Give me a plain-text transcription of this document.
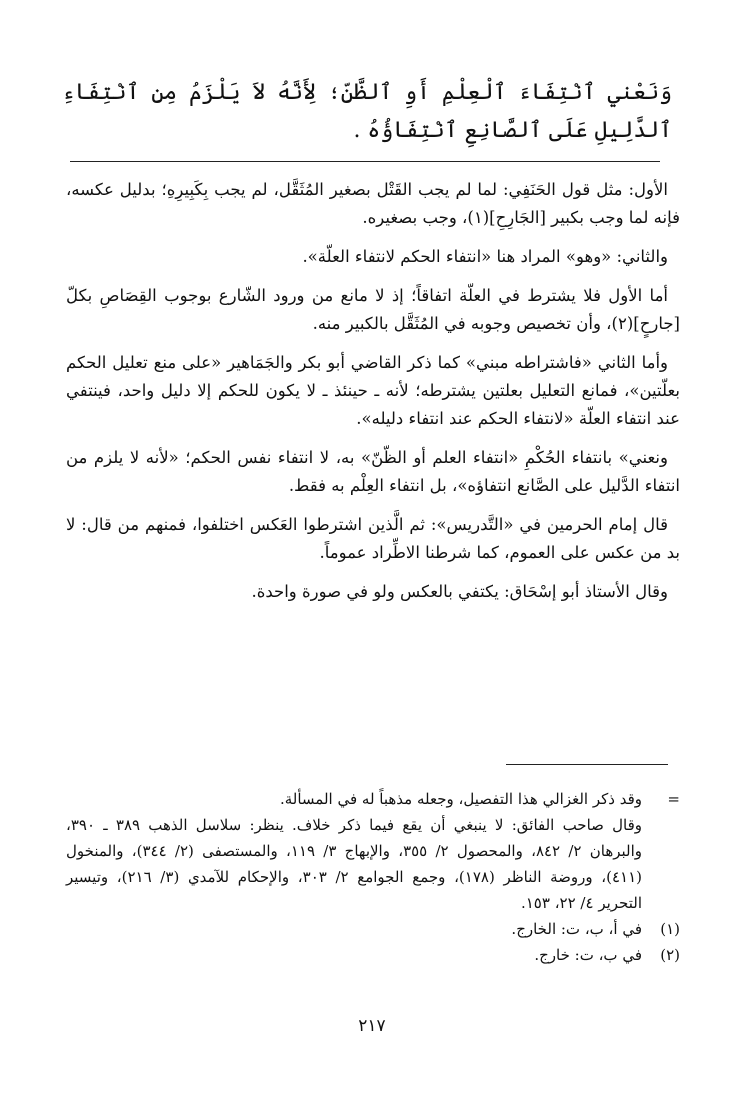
وَنَعْني ٱنْتِفَاءَ ٱلْعِلْمِ أَوِ ٱلظَّنِّ؛ لِأَنَّهُ لاَ يَلْزَمُ مِنِ ٱنْتِفَاءِ ٱلدَّلِيلِ عَلَى ٱلصَّانِعِ ٱنْتِفَاؤُهُ .

الأول: مثل قول الحَنَفِي: لما لم يجب القَتْل بصغير المُثَقَّل، لم يجب بِكَبِيرِهِ؛ بدليل عكسه، فإنه لما وجب بكبير [الجَارِحِ](١)، وجب بصغيره.

والثاني: «وهو» المراد هنا «انتفاء الحكم لانتفاء العلّة».

أما الأول فلا يشترط في العلّة اتفاقاً؛ إذ لا مانع من ورود الشّارع بوجوب القِصَاصِ بكلّ [جارحٍ](٢)، وأن تخصيص وجوبه في المُثَقَّل بالكبير منه.

وأما الثاني «فاشتراطه مبني» كما ذكر القاضي أبو بكر والجَمَاهير «على منع تعليل الحكم بعلّتين»، فمانع التعليل بعلتين يشترطه؛ لأنه ـ حينئذ ـ لا يكون للحكم إلا دليل واحد، فينتفي عند انتفاء العلّة «لانتفاء الحكم عند انتفاء دليله».

ونعني» بانتفاء الحُكْمِ «انتفاء العلم أو الظّنّ» به، لا انتفاء نفس الحكم؛ «لأنه لا يلزم من انتفاء الدَّليل على الصَّانع انتفاؤه»، بل انتفاء العِلْم به فقط.

قال إمام الحرمين في «التَّدريس»: ثم الَّذين اشترطوا العَكس اختلفوا، فمنهم من قال: لا بد من عكس على العموم، كما شرطنا الاطِّراد عموماً.

وقال الأستاذ أبو إسْحَاق: يكتفي بالعكس ولو في صورة واحدة.

=
وقد ذكر الغزالي هذا التفصيل، وجعله مذهباً له في المسألة.

وقال صاحب الفائق: لا ينبغي أن يقع فيما ذكر خلاف. ينظر: سلاسل الذهب ٣٨٩ ـ ٣٩٠، والبرهان ٢/ ٨٤٢، والمحصول ٢/ ٣٥٥، والإبهاج ٣/ ١١٩، والمستصفى (٢/ ٣٤٤)، والمنخول (٤١١)، وروضة الناظر (١٧٨)، وجمع الجوامع ٢/ ٣٠٣، والإحكام للآمدي (٣/ ٢١٦)، وتيسير التحرير ٤/ ٢٢، ١٥٣.

(١)
في أ، ب، ت: الخارج.

(٢)
في ب، ت: خارج.

٢١٧
